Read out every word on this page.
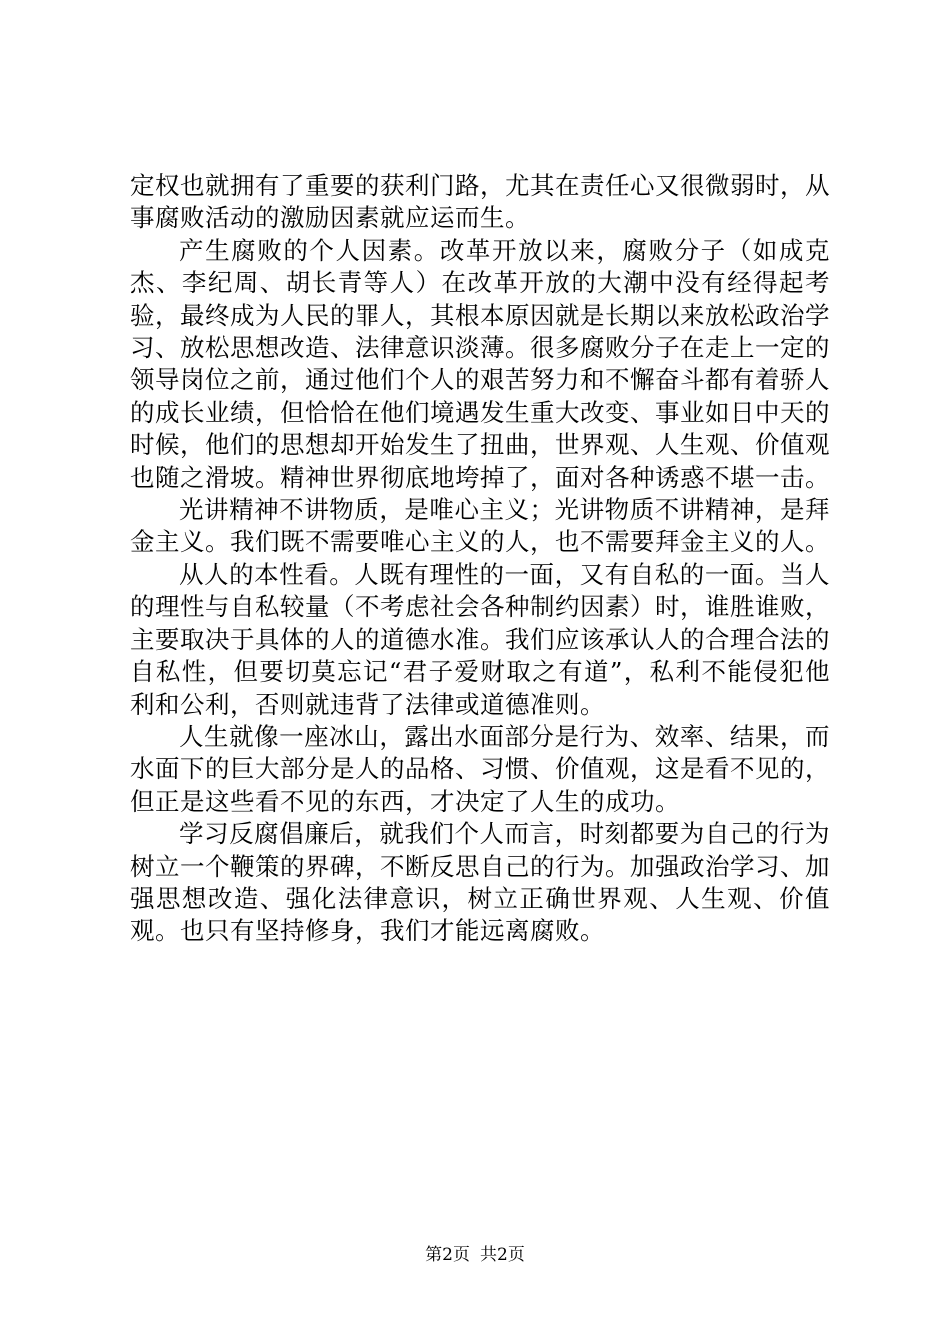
定权也就拥有了重要的获利门路，尤其在责任心又很微弱时，从事腐败活动的激励因素就应运而生。

产生腐败的个人因素。改革开放以来，腐败分子（如成克杰、李纪周、胡长青等人）在改革开放的大潮中没有经得起考验，最终成为人民的罪人，其根本原因就是长期以来放松政治学习、放松思想改造、法律意识淡薄。很多腐败分子在走上一定的领导岗位之前，通过他们个人的艰苦努力和不懈奋斗都有着骄人的成长业绩，但恰恰在他们境遇发生重大改变、事业如日中天的时候，他们的思想却开始发生了扭曲，世界观、人生观、价值观也随之滑坡。精神世界彻底地垮掉了，面对各种诱惑不堪一击。

光讲精神不讲物质，是唯心主义；光讲物质不讲精神，是拜金主义。我们既不需要唯心主义的人，也不需要拜金主义的人。

从人的本性看。人既有理性的一面，又有自私的一面。当人的理性与自私较量（不考虑社会各种制约因素）时，谁胜谁败，主要取决于具体的人的道德水准。我们应该承认人的合理合法的自私性，但要切莫忘记“君子爱财取之有道”，私利不能侵犯他利和公利，否则就违背了法律或道德准则。

人生就像一座冰山，露出水面部分是行为、效率、结果，而水面下的巨大部分是人的品格、习惯、价值观，这是看不见的，但正是这些看不见的东西，才决定了人生的成功。

学习反腐倡廉后，就我们个人而言，时刻都要为自己的行为树立一个鞭策的界碑，不断反思自己的行为。加强政治学习、加强思想改造、强化法律意识，树立正确世界观、人生观、价值观。也只有坚持修身，我们才能远离腐败。

第2页 共2页
